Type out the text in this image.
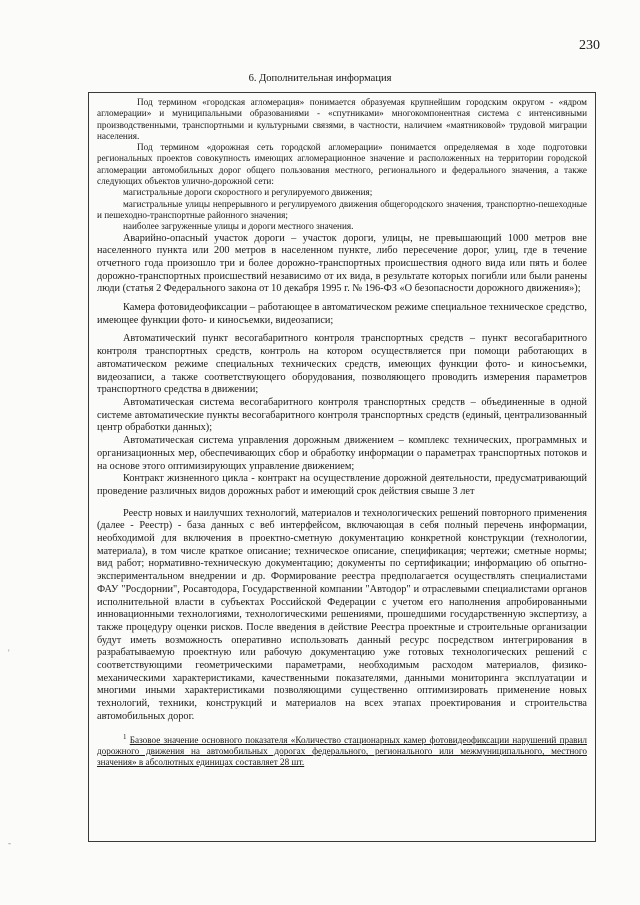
230
6. Дополнительная информация

Под термином «городская агломерация» понимается образуемая крупнейшим городским округом - «ядром агломерации» и муниципальными образованиями - «спутниками» многокомпонентная система с интенсивными производственными, транспортными и культурными связями, в частности, наличием «маятниковой» трудовой миграции населения.

Под термином «дорожная сеть городской агломерации» понимается определяемая в ходе подготовки региональных проектов совокупность имеющих агломерационное значение и расположенных на территории городской агломерации автомобильных дорог общего пользования местного, регионального и федерального значения, а также следующих объектов улично-дорожной сети:

магистральные дороги скоростного и регулируемого движения;

магистральные улицы непрерывного и регулируемого движения общегородского значения, транспортно-пешеходные и пешеходно-транспортные районного значения;

наиболее загруженные улицы и дороги местного значения.

Аварийно-опасный участок дороги – участок дороги, улицы, не превышающий 1000 метров вне населенного пункта или 200 метров в населенном пункте, либо пересечение дорог, улиц, где в течение отчетного года произошло три и более дорожно-транспортных происшествия одного вида или пять и более дорожно-транспортных происшествий независимо от их вида, в результате которых погибли или были ранены люди (статья 2 Федерального закона от 10 декабря 1995 г. № 196-ФЗ «О безопасности дорожного движения»);

Камера фотовидеофиксации – работающее в автоматическом режиме специальное техническое средство, имеющее функции фото- и киносъемки, видеозаписи;

Автоматический пункт весогабаритного контроля транспортных средств – пункт весогабаритного контроля транспортных средств, контроль на котором осуществляется при помощи работающих в автоматическом режиме специальных технических средств, имеющих функции фото- и киносъемки, видеозаписи, а также соответствующего оборудования, позволяющего проводить измерения параметров транспортного средства в движении;

Автоматическая система весогабаритного контроля транспортных средств – объединенные в одной системе автоматические пункты весогабаритного контроля транспортных средств (единый, централизованный центр обработки данных);

Автоматическая система управления дорожным движением – комплекс технических, программных и организационных мер, обеспечивающих сбор и обработку информации о параметрах транспортных потоков и на основе этого оптимизирующих управление движением;

Контракт жизненного цикла - контракт на осуществление дорожной деятельности, предусматривающий проведение различных видов дорожных работ и имеющий срок действия свыше 3 лет

Реестр новых и наилучших технологий, материалов и технологических решений повторного применения (далее - Реестр) - база данных с веб интерфейсом, включающая в себя полный перечень информации, необходимой для включения в проектно-сметную документацию конкретной конструкции (технологии, материала), в том числе краткое описание; техническое описание, спецификация; чертежи; сметные нормы; вид работ; нормативно-техническую документацию; документы по сертификации; информацию об опытно-экспериментальном внедрении и др. Формирование реестра предполагается осуществлять специалистами ФАУ "Росдорнии", Росавтодора, Государственной компании "Автодор" и отраслевыми специалистами органов исполнительной власти в субъектах Российской Федерации с учетом его наполнения апробированными инновационными технологиями, технологическими решениями, прошедшими государственную экспертизу, а также процедуру оценки рисков. После введения в действие Реестра проектные и строительные организации будут иметь возможность оперативно использовать данный ресурс посредством интегрирования в разрабатываемую проектную или рабочую документацию уже готовых технологических решений с соответствующими геометрическими параметрами, необходимым расходом материалов, физико-механическими характеристиками, качественными показателями, данными мониторинга эксплуатации и многими иными характеристиками позволяющими существенно оптимизировать применение новых технологий, техники, конструкций и материалов на всех этапах проектирования и строительства автомобильных дорог.

$^1$ Базовое значение основного показателя «Количество стационарных камер фотовидеофиксации нарушений правил дорожного движения на автомобильных дорогах федерального, регионального или межмуниципального, местного значения» в абсолютных единицах составляет 28 шт.

'
-
